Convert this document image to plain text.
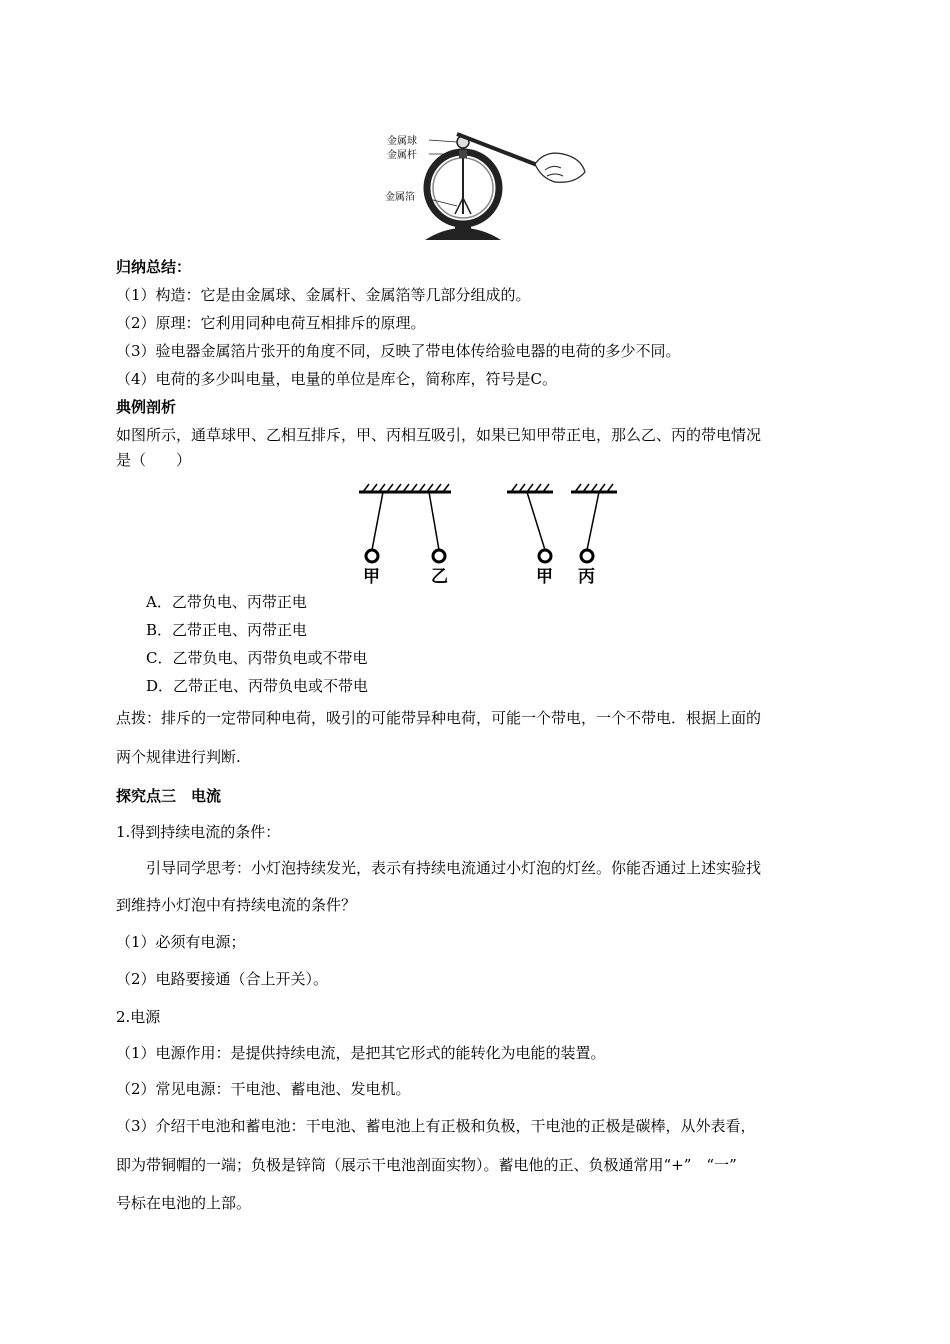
金属球
金属杆
金属箔
归纳总结：
（1）构造：它是由金属球、金属杆、金属箔等几部分组成的。
（2）原理：它利用同种电荷互相排斥的原理。
（3）验电器金属箔片张开的角度不同，反映了带电体传给验电器的电荷的多少不同。
（4）电荷的多少叫电量，电量的单位是库仑，简称库，符号是C。
典例剖析
如图所示，通草球甲、乙相互排斥，甲、丙相互吸引，如果已知甲带正电，那么乙、丙的带电情况
是（　　）
甲	乙	甲 丙
A．乙带负电、丙带正电
B．乙带正电、丙带正电
C．乙带负电、丙带负电或不带电
D．乙带正电、丙带负电或不带电
点拨：排斥的一定带同种电荷，吸引的可能带异种电荷，可能一个带电，一个不带电．根据上面的
两个规律进行判断.
探究点三　电流
1.得到持续电流的条件：
引导同学思考：小灯泡持续发光，表示有持续电流通过小灯泡的灯丝。你能否通过上述实验找
到维持小灯泡中有持续电流的条件？
（1）必须有电源；
（2）电路要接通（合上开关）。
2.电源
（1）电源作用：是提供持续电流，是把其它形式的能转化为电能的装置。
（2）常见电源：干电池、蓄电池、发电机。
（3）介绍干电池和蓄电池：干电池、蓄电池上有正极和负极，干电池的正极是碳棒，从外表看，
即为带铜帽的一端；负极是锌筒（展示干电池剖面实物）。蓄电他的正、负极通常用“+”　“一”
号标在电池的上部。
